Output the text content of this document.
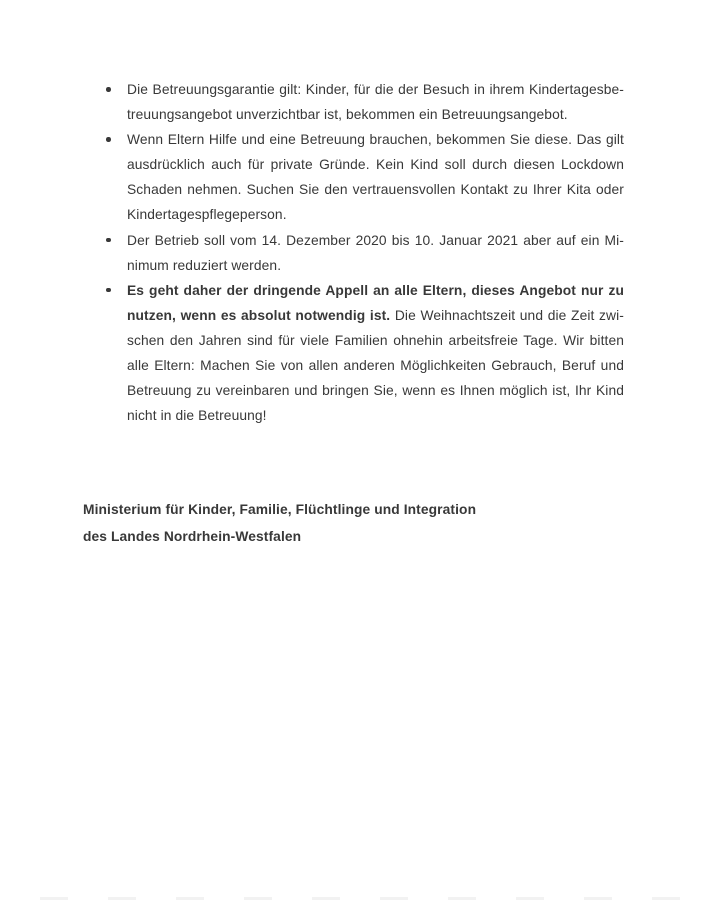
Die Betreuungsgarantie gilt: Kinder, für die der Besuch in ihrem Kindertagesbe-
treuungsangebot unverzichtbar ist, bekommen ein Betreuungsangebot.
Wenn Eltern Hilfe und eine Betreuung brauchen, bekommen Sie diese. Das gilt
ausdrücklich auch für private Gründe. Kein Kind soll durch diesen Lockdown
Schaden nehmen. Suchen Sie den vertrauensvollen Kontakt zu Ihrer Kita oder
Kindertagespflegeperson.
Der Betrieb soll vom 14. Dezember 2020 bis 10. Januar 2021 aber auf ein Mi-
nimum reduziert werden.
Es geht daher der dringende Appell an alle Eltern, dieses Angebot nur zu
nutzen, wenn es absolut notwendig ist. Die Weihnachtszeit und die Zeit zwi-
schen den Jahren sind für viele Familien ohnehin arbeitsfreie Tage. Wir bitten
alle Eltern: Machen Sie von allen anderen Möglichkeiten Gebrauch, Beruf und
Betreuung zu vereinbaren und bringen Sie, wenn es Ihnen möglich ist, Ihr Kind
nicht in die Betreuung!
Ministerium für Kinder, Familie, Flüchtlinge und Integration
des Landes Nordrhein-Westfalen
